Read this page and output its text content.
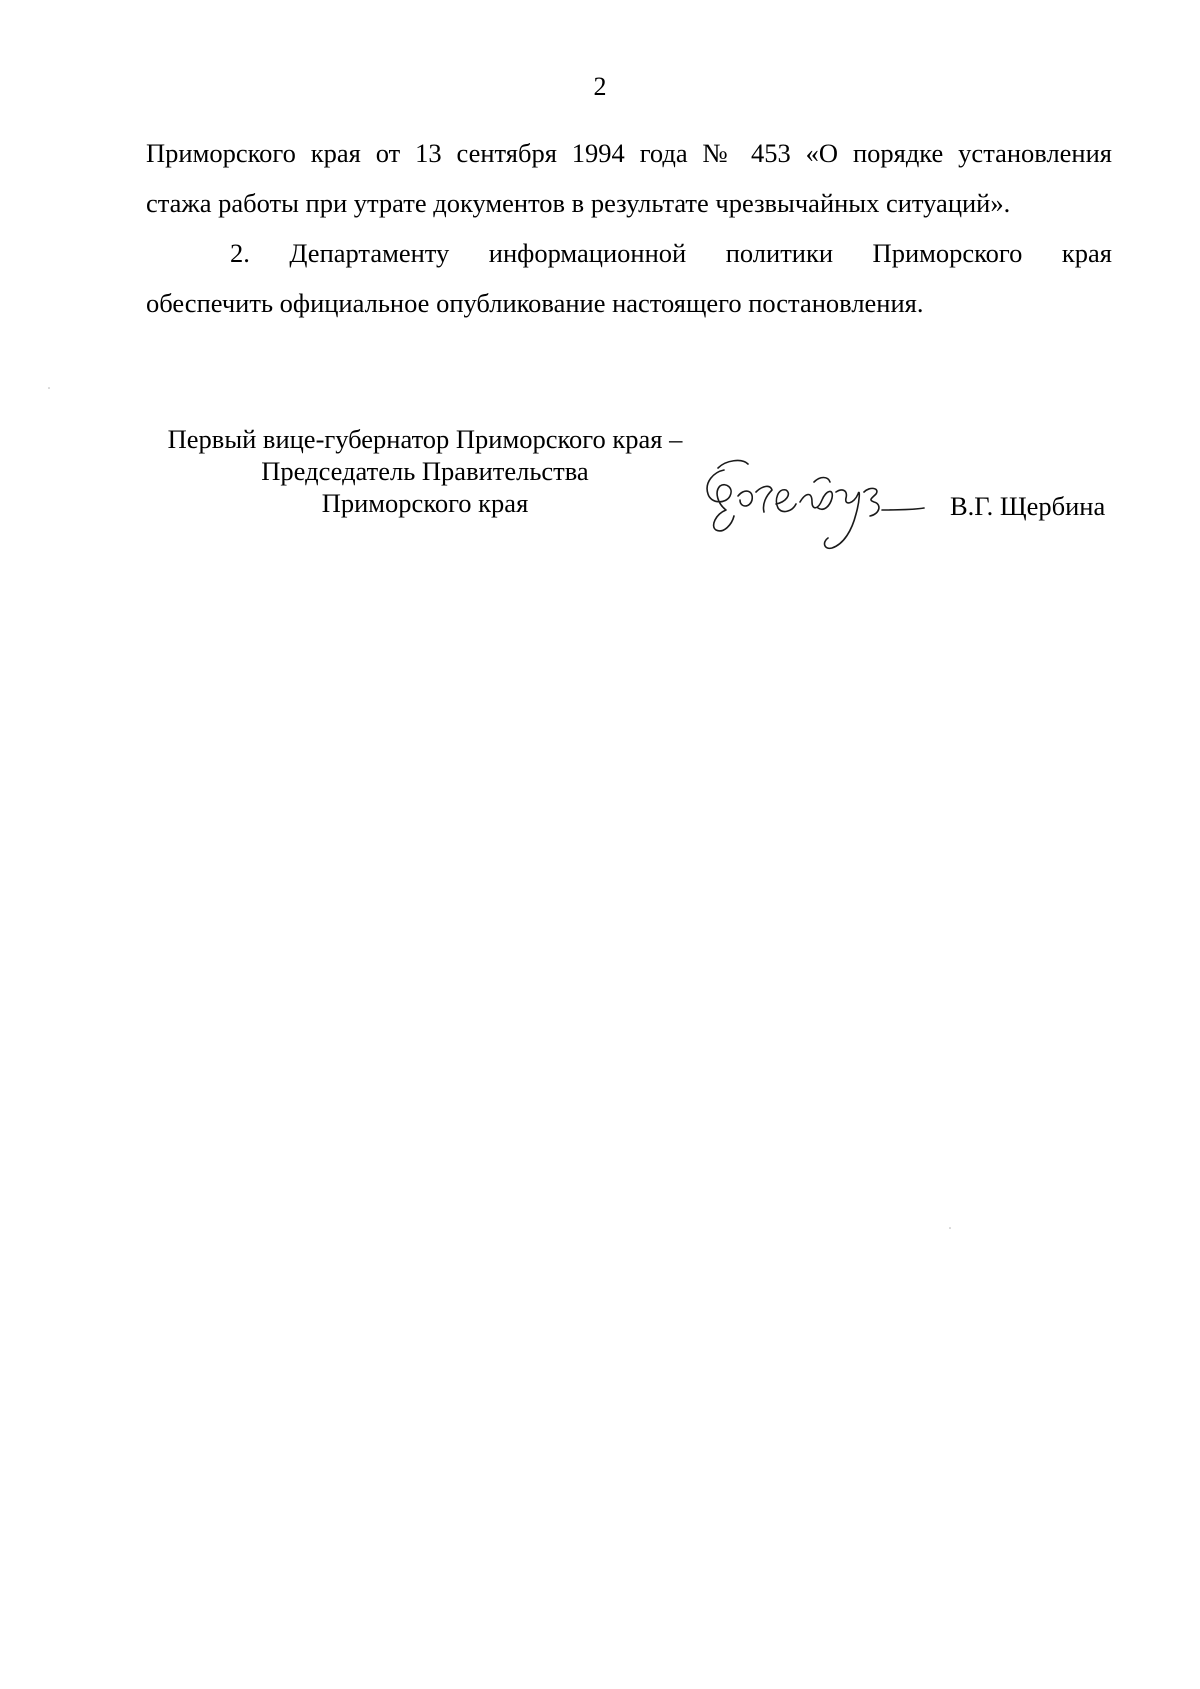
2
Приморского края от 13 сентября 1994 года № 453 «О порядке установления
стажа работы при утрате документов в результате чрезвычайных ситуаций».
2. Департаменту информационной политики Приморского края
обеспечить официальное опубликование настоящего постановления.
Первый вице-губернатор Приморского края –
Председатель Правительства
Приморского края	В.Г. Щербина
